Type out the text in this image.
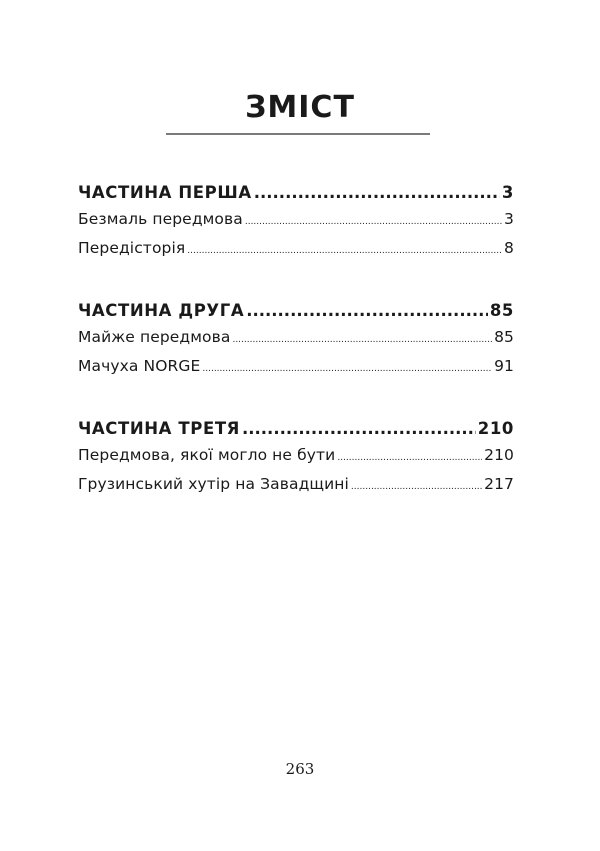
ЗМІСТ
ЧАСТИНА ПЕРША .....	3
Безмаль передмова .....	3
Передісторія .....	8
ЧАСТИНА ДРУГА .....	85
Майже передмова .....	85
Мачуха NORGE .....	91
ЧАСТИНА ТРЕТЯ .....	210
Передмова, якої могло не бути .....	210
Грузинський хутір на Завадщині .....	217
263
